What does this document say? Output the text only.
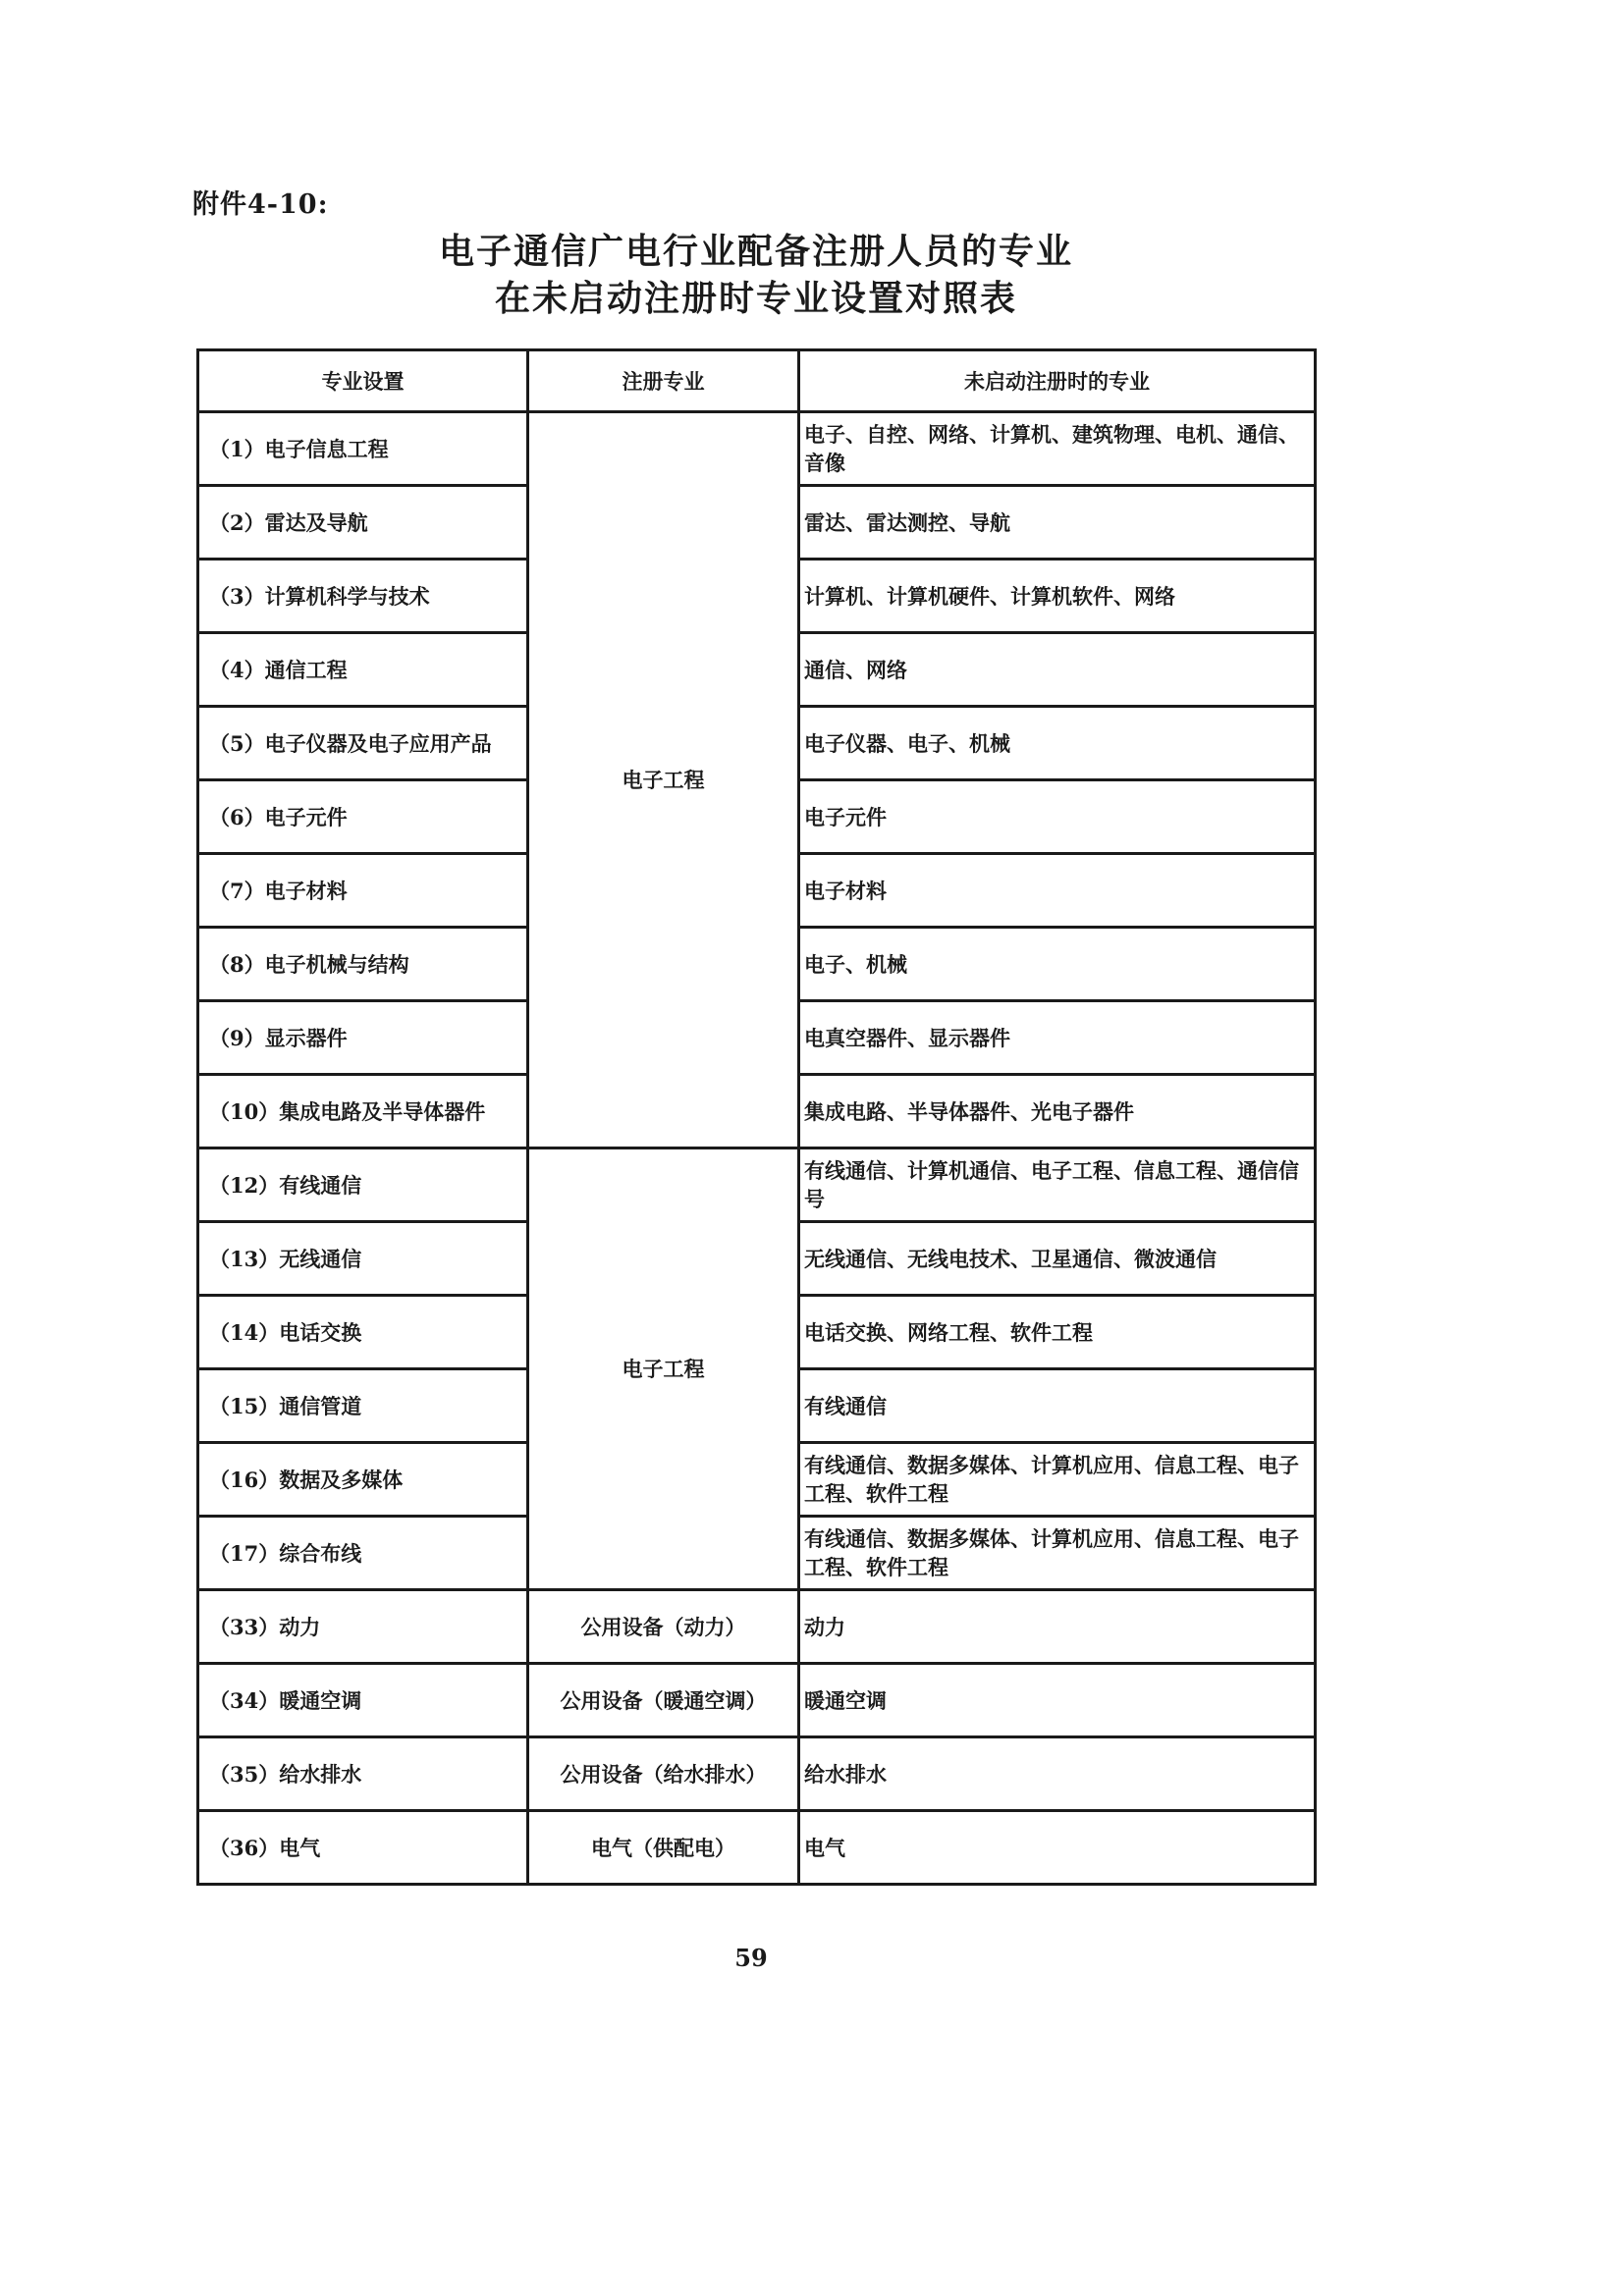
附件4-10:
电子通信广电行业配备注册人员的专业
在未启动注册时专业设置对照表
专业设置	注册专业	未启动注册时的专业
（1）电子信息工程	电子工程	电子、自控、网络、计算机、建筑物理、电机、通信、音像
（2）雷达及导航		雷达、雷达测控、导航
（3）计算机科学与技术		计算机、计算机硬件、计算机软件、网络
（4）通信工程		通信、网络
（5）电子仪器及电子应用产品		电子仪器、电子、机械
（6）电子元件		电子元件
（7）电子材料		电子材料
（8）电子机械与结构		电子、机械
（9）显示器件		电真空器件、显示器件
（10）集成电路及半导体器件		集成电路、半导体器件、光电子器件
（12）有线通信	电子工程	有线通信、计算机通信、电子工程、信息工程、通信信号
（13）无线通信		无线通信、无线电技术、卫星通信、微波通信
（14）电话交换		电话交换、网络工程、软件工程
（15）通信管道		有线通信
（16）数据及多媒体		有线通信、数据多媒体、计算机应用、信息工程、电子工程、软件工程
（17）综合布线		有线通信、数据多媒体、计算机应用、信息工程、电子工程、软件工程
（33）动力	公用设备（动力）	动力
（34）暖通空调	公用设备（暖通空调）	暖通空调
（35）给水排水	公用设备（给水排水）	给水排水
（36）电气	电气（供配电）	电气
59
